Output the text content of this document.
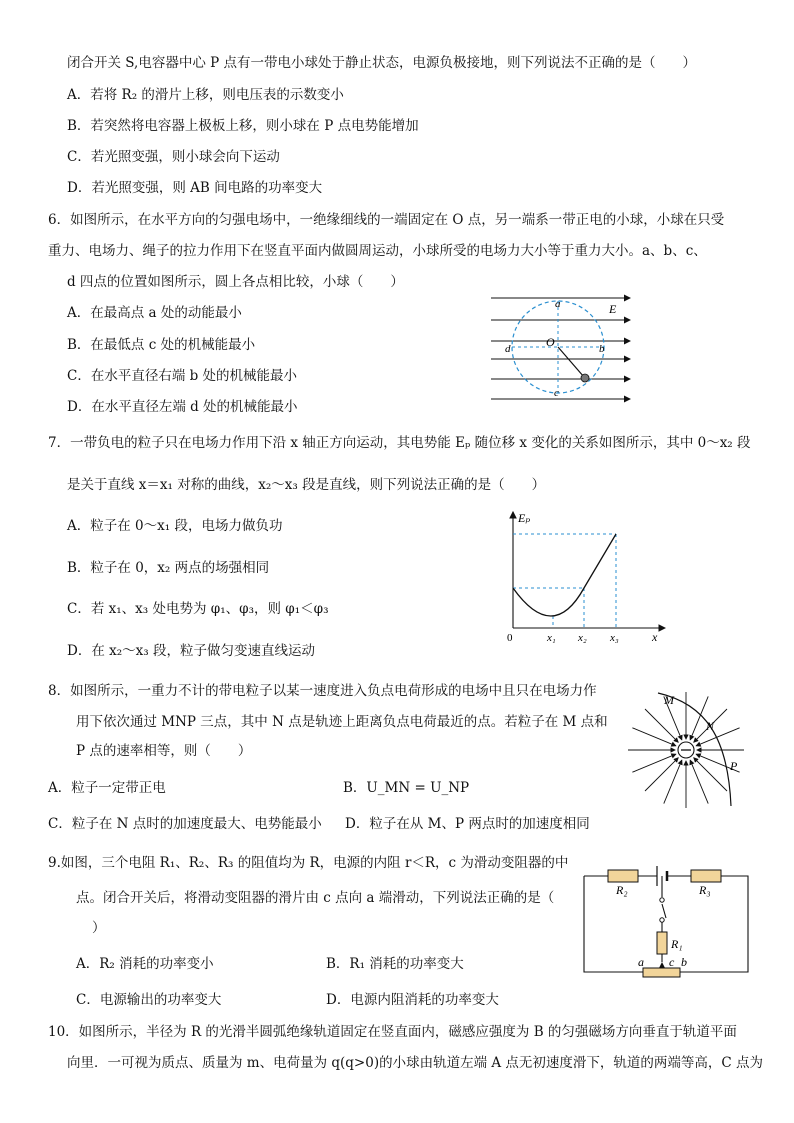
闭合开关 S,电容器中心 P 点有一带电小球处于静止状态，电源负极接地，则下列说法不正确的是（　　）
A．若将 R₂ 的滑片上移，则电压表的示数变小
B．若突然将电容器上极板上移，则小球在 P 点电势能增加
C．若光照变强，则小球会向下运动
D．若光照变强，则 AB 间电路的功率变大
6．如图所示，在水平方向的匀强电场中，一绝缘细线的一端固定在 O 点，另一端系一带正电的小球，小球在只受
重力、电场力、绳子的拉力作用下在竖直平面内做圆周运动，小球所受的电场力大小等于重力大小。a、b、c、
d 四点的位置如图所示，圆上各点相比较，小球（　　）
A．在最高点 a 处的动能最小
B．在最低点 c 处的机械能最小
C．在水平直径右端 b 处的机械能最小
D．在水平直径左端 d 处的机械能最小
a	E
O	b
d
c
7．一带负电的粒子只在电场力作用下沿 x 轴正方向运动，其电势能 Eₚ 随位移 x 变化的关系如图所示，其中 0～x₂ 段
是关于直线 x＝x₁ 对称的曲线，x₂～x₃ 段是直线，则下列说法正确的是（　　）
A．粒子在 0～x₁ 段，电场力做负功
B．粒子在 0，x₂ 两点的场强相同
C．若 x₁、x₃ 处电势为 φ₁、φ₃，则 φ₁＜φ₃
D．在 x₂～x₃ 段，粒子做匀变速直线运动
Eₚ
x
0	x₁ x₂ x₃
8．如图所示，一重力不计的带电粒子以某一速度进入负点电荷形成的电场中且只在电场力作
用下依次通过 MNP 三点，其中 N 点是轨迹上距离负点电荷最近的点。若粒子在 M 点和
P 点的速率相等，则（　　）
A．粒子一定带正电	B．U_MN = U_NP
C．粒子在 N 点时的加速度最大、电势能最小 D．粒子在从 M、P 两点时的加速度相同
M
N
P
9.如图，三个电阻 R₁、R₂、R₃ 的阻值均为 R，电源的内阻 r＜R，c 为滑动变阻器的中
点。闭合开关后，将滑动变阻器的滑片由 c 点向 a 端滑动，下列说法正确的是（
）
A．R₂ 消耗的功率变小	B．R₁ 消耗的功率变大
C．电源输出的功率变大	D．电源内阻消耗的功率变大
R₂	R₃
R₁
a c b
10．如图所示，半径为 R 的光滑半圆弧绝缘轨道固定在竖直面内，磁感应强度为 B 的匀强磁场方向垂直于轨道平面
向里．一可视为质点、质量为 m、电荷量为 q(q>0)的小球由轨道左端 A 点无初速度滑下，轨道的两端等高，C 点为
